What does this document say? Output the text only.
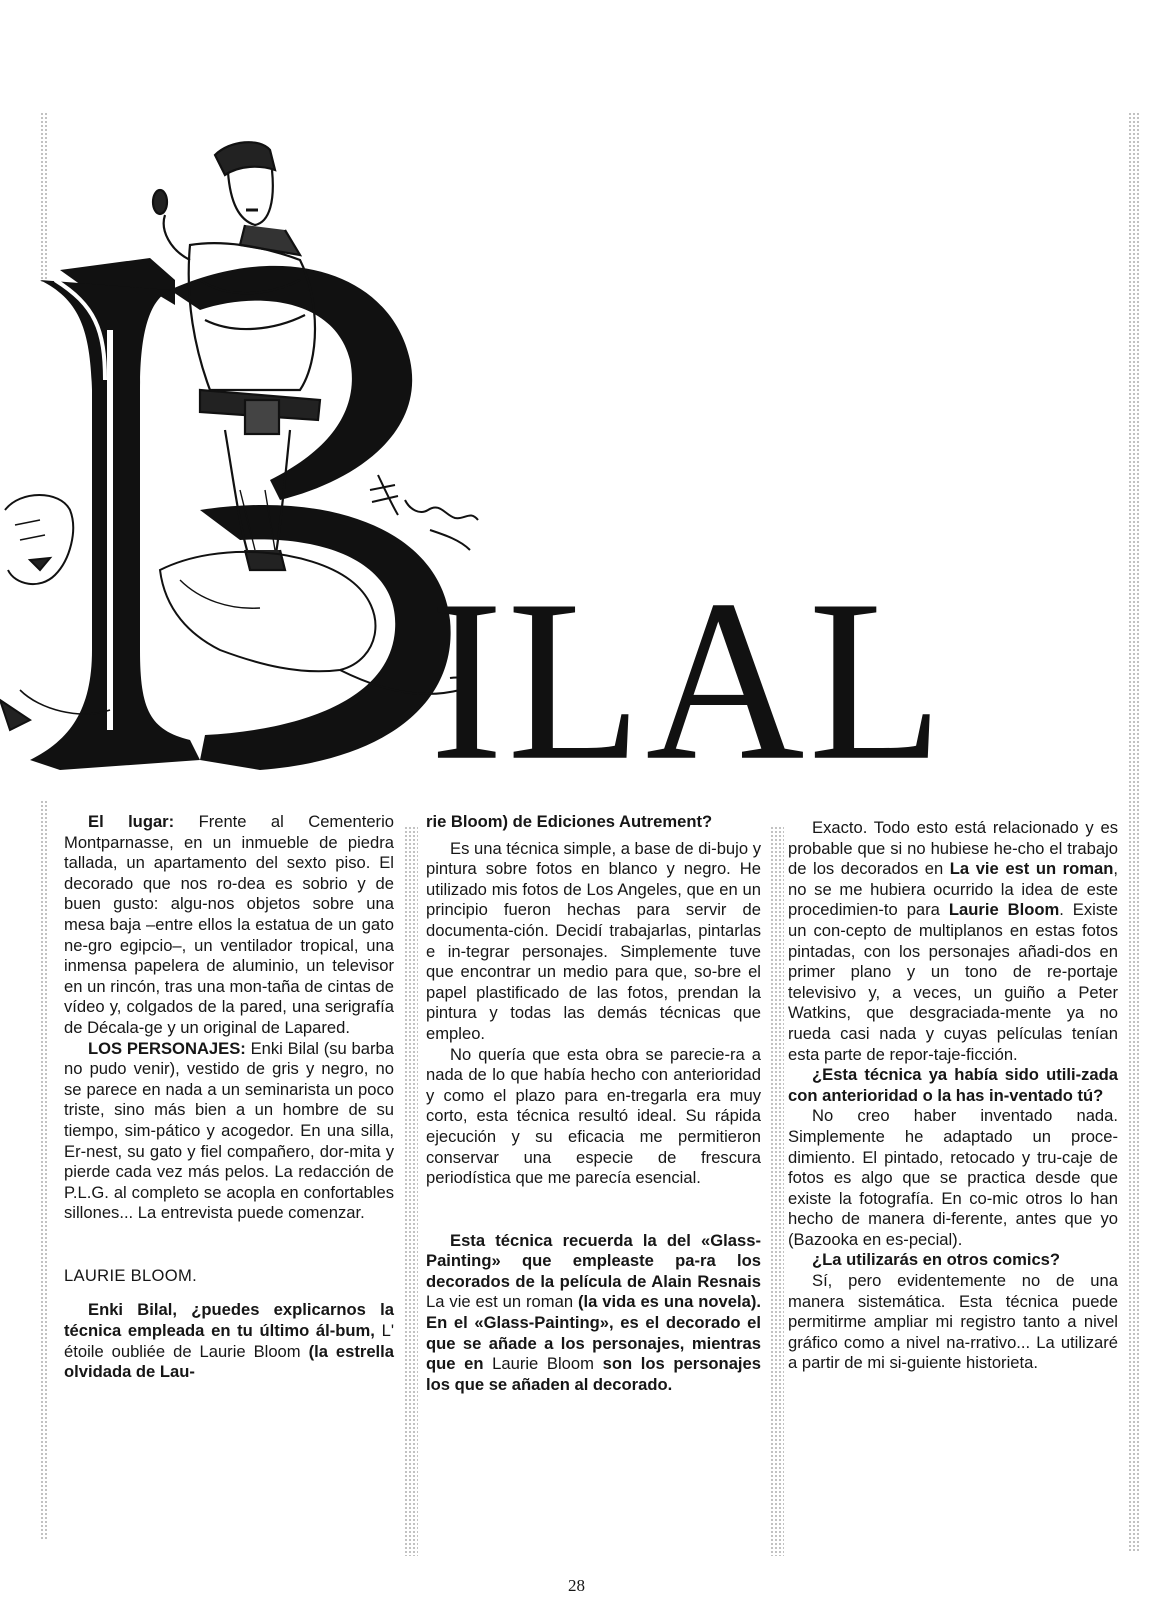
ILAL

El lugar: Frente al Cementerio Montparnasse, en un inmueble de piedra tallada, un apartamento del sexto piso. El decorado que nos ro-dea es sobrio y de buen gusto: algu-nos objetos sobre una mesa baja –entre ellos la estatua de un gato ne-gro egipcio–, un ventilador tropical, una inmensa papelera de aluminio, un televisor en un rincón, tras una mon-taña de cintas de vídeo y, colgados de la pared, una serigrafía de Décala-ge y un original de Lapared.

LOS PERSONAJES: Enki Bilal (su barba no pudo venir), vestido de gris y negro, no se parece en nada a un seminarista un poco triste, sino más bien a un hombre de su tiempo, sim-pático y acogedor. En una silla, Er-nest, su gato y fiel compañero, dor-mita y pierde cada vez más pelos. La redacción de P.L.G. al completo se acopla en confortables sillones... La entrevista puede comenzar.

LAURIE BLOOM.

Enki Bilal, ¿puedes explicarnos la técnica empleada en tu último ál-bum, L' étoile oubliée de Laurie Bloom (la estrella olvidada de Lau-

rie Bloom) de Ediciones Autrement?

Es una técnica simple, a base de di-bujo y pintura sobre fotos en blanco y negro. He utilizado mis fotos de Los Angeles, que en un principio fueron hechas para servir de documenta-ción. Decidí trabajarlas, pintarlas e in-tegrar personajes. Simplemente tuve que encontrar un medio para que, so-bre el papel plastificado de las fotos, prendan la pintura y todas las demás técnicas que empleo.

No quería que esta obra se parecie-ra a nada de lo que había hecho con anterioridad y como el plazo para en-tregarla era muy corto, esta técnica resultó ideal. Su rápida ejecución y su eficacia me permitieron conservar una especie de frescura periodística que me parecía esencial.

Esta técnica recuerda la del «Glass-Painting» que empleaste pa-ra los decorados de la película de Alain Resnais La vie est un roman (la vida es una novela). En el «Glass-Painting», es el decorado el que se añade a los personajes, mientras que en Laurie Bloom son los personajes los que se añaden al decorado.

Exacto. Todo esto está relacionado y es probable que si no hubiese he-cho el trabajo de los decorados en La vie est un roman, no se me hubiera ocurrido la idea de este procedimien-to para Laurie Bloom. Existe un con-cepto de multiplanos en estas fotos pintadas, con los personajes añadi-dos en primer plano y un tono de re-portaje televisivo y, a veces, un guiño a Peter Watkins, que desgraciada-mente ya no rueda casi nada y cuyas películas tenían esta parte de repor-taje-ficción.

¿Esta técnica ya había sido utili-zada con anterioridad o la has in-ventado tú?

No creo haber inventado nada. Simplemente he adaptado un proce-dimiento. El pintado, retocado y tru-caje de fotos es algo que se practica desde que existe la fotografía. En co-mic otros lo han hecho de manera di-ferente, antes que yo (Bazooka en es-pecial).

¿La utilizarás en otros comics?

Sí, pero evidentemente no de una manera sistemática. Esta técnica puede permitirme ampliar mi registro tanto a nivel gráfico como a nivel na-rrativo... La utilizaré a partir de mi si-guiente historieta.

28
